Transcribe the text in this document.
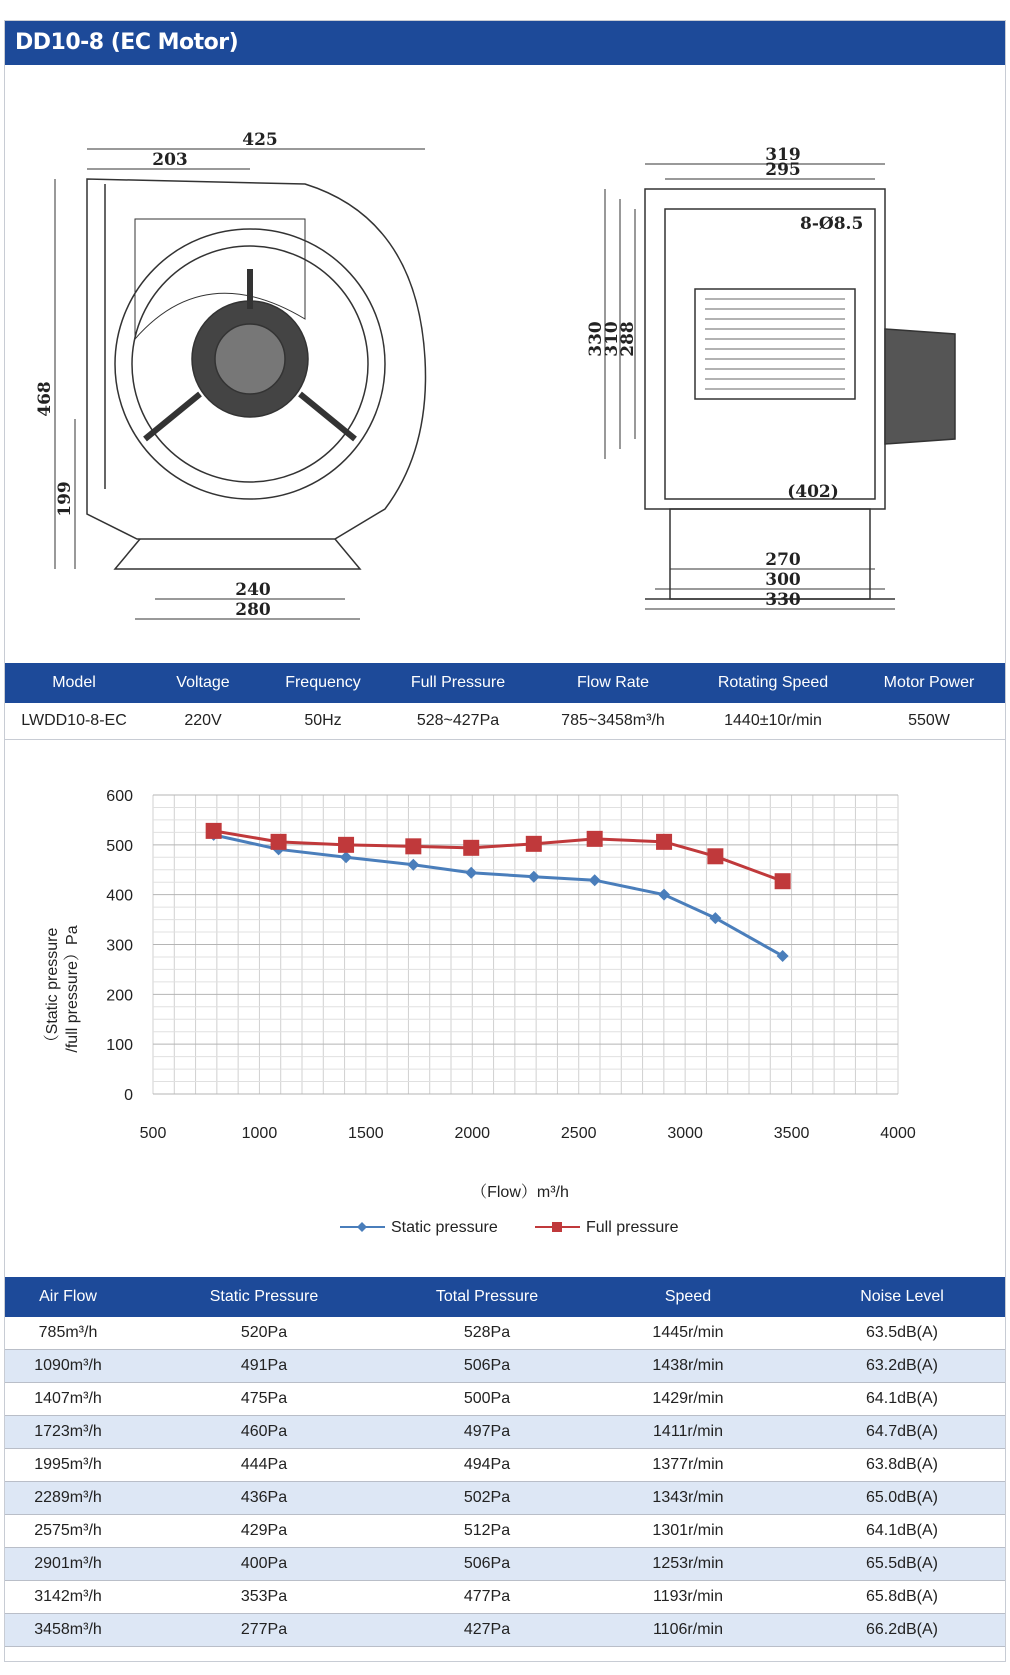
DD10-8 (EC Motor)
425
203
468
199
240
280
319
295
8-Ø8.5
330
310
288
(402)
270
300
330
Model	Voltage	Frequency	Full Pressure	Flow Rate	Rotating Speed	Motor Power
LWDD10-8-EC	220V	50Hz	528~427Pa	785~3458m³/h	1440±10r/min	550W
500	1000	1500	2000	2500	3000	3500	4000
0
100
200
300
400
500
600
（Flow）m³/h
（Static pressure /full pressure）Pa
Static pressure	Full pressure
Air Flow	Static Pressure	Total Pressure	Speed	Noise Level
785m³/h	520Pa	528Pa	1445r/min	63.5dB(A)
1090m³/h	491Pa	506Pa	1438r/min	63.2dB(A)
1407m³/h	475Pa	500Pa	1429r/min	64.1dB(A)
1723m³/h	460Pa	497Pa	1411r/min	64.7dB(A)
1995m³/h	444Pa	494Pa	1377r/min	63.8dB(A)
2289m³/h	436Pa	502Pa	1343r/min	65.0dB(A)
2575m³/h	429Pa	512Pa	1301r/min	64.1dB(A)
2901m³/h	400Pa	506Pa	1253r/min	65.5dB(A)
3142m³/h	353Pa	477Pa	1193r/min	65.8dB(A)
3458m³/h	277Pa	427Pa	1106r/min	66.2dB(A)
